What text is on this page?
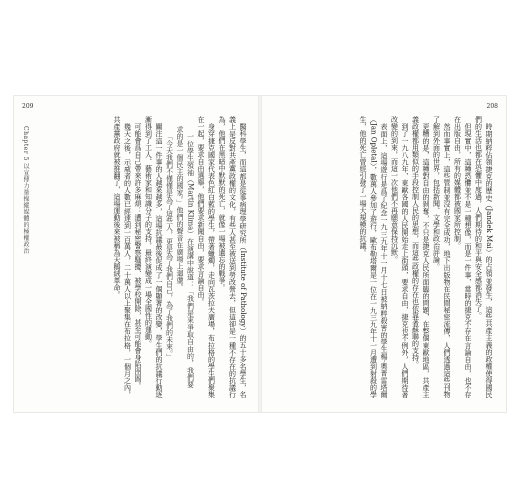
209
Chapter 5 以宣傳力量操縱媒體的極權政治	醫科學生，而這都是從事病理學研究所（Institute of Pathology）的五十多名學生，名義上是反對共產黨政權的文化，有些人甚至被送到勞改營去，但這卻是一種不存在的抗議行為，他們在黑暗中默默的死亡，就像一場被遺忘的戰爭。

身穿捷克國家代表色紅白藍的學生，帶著蠟燭，走向瓦茨拉夫廣場，布拉格的學生們聚集在一起，要求自由選舉，他們要求新聞自由，要求言論自由。

一位學生領袖（Martin Klima）在演講中說道：「我們是來爭取自由的，我們要求的是一個民主的國家。」他們的聲音在廣場上迴盪。

「今天我們不僅僅是為了這些人，更是為了我們自己，為了我們的未來。」

關注這一件事的人越來越多，這場抗議最後促成了一個顯著的改變，學生們的抗議行動逐漸得到了工人、藝術家和知識分子的支持，最終演變成一場全國性的運動。

可能會爲自己帶來許多麻煩：遭到秘密警察騷擾、被學校開除，甚至可能會身陷囹圄。

幾天之後，示威者的人數已經達到一百萬人，二十萬人以上聚集在布拉格，一個月之內，共產黨政府就被推翻了，這場運動後來被稱為天鵝絨革命。

208

時期納粹佔領捷克的歷史（Jandek Mai）的占領並發生，這些共產主義的政權使得國民們的生活也都在恐懼中度過，人們期待的和平與安全感都消失了。

但現實中，這種恐懼並不是一種想像，而是一件事，當時的捷克不存在言論自由，也不存在出版自由，所有的媒體都被國家所控制。

然而事實上，這些管制並沒有完全成功，地下出版物在民間秘密流傳，人們透過這些刊物了解到外面的世界，包括新聞、文學和政治評論。

更糟的是，這種對自由的剝奪，不只是捷克人民所面臨的問題，在整個東歐地區，共產主義政權都用類似的手段控制人民的思想，而這些政權的存在也依靠著蘇聯的支持。

到了一九八九年，東歐各國的人民開始走上街頭，要求自由，捷克也不例外，人們期待著改變的到來，而這一次他們不再願意保持沉默。

表面上，這場遊行是爲了紀念一九三九年十一月十七日被納粹殺害的學生楊·奧普雷塔爾（Jan Opletal），數萬人參加了遊行，歐布勒塔爾是一位在一九三九年十一月遭到射殺的學生，他的死亡曾經引發了一場大規模的抗議。
